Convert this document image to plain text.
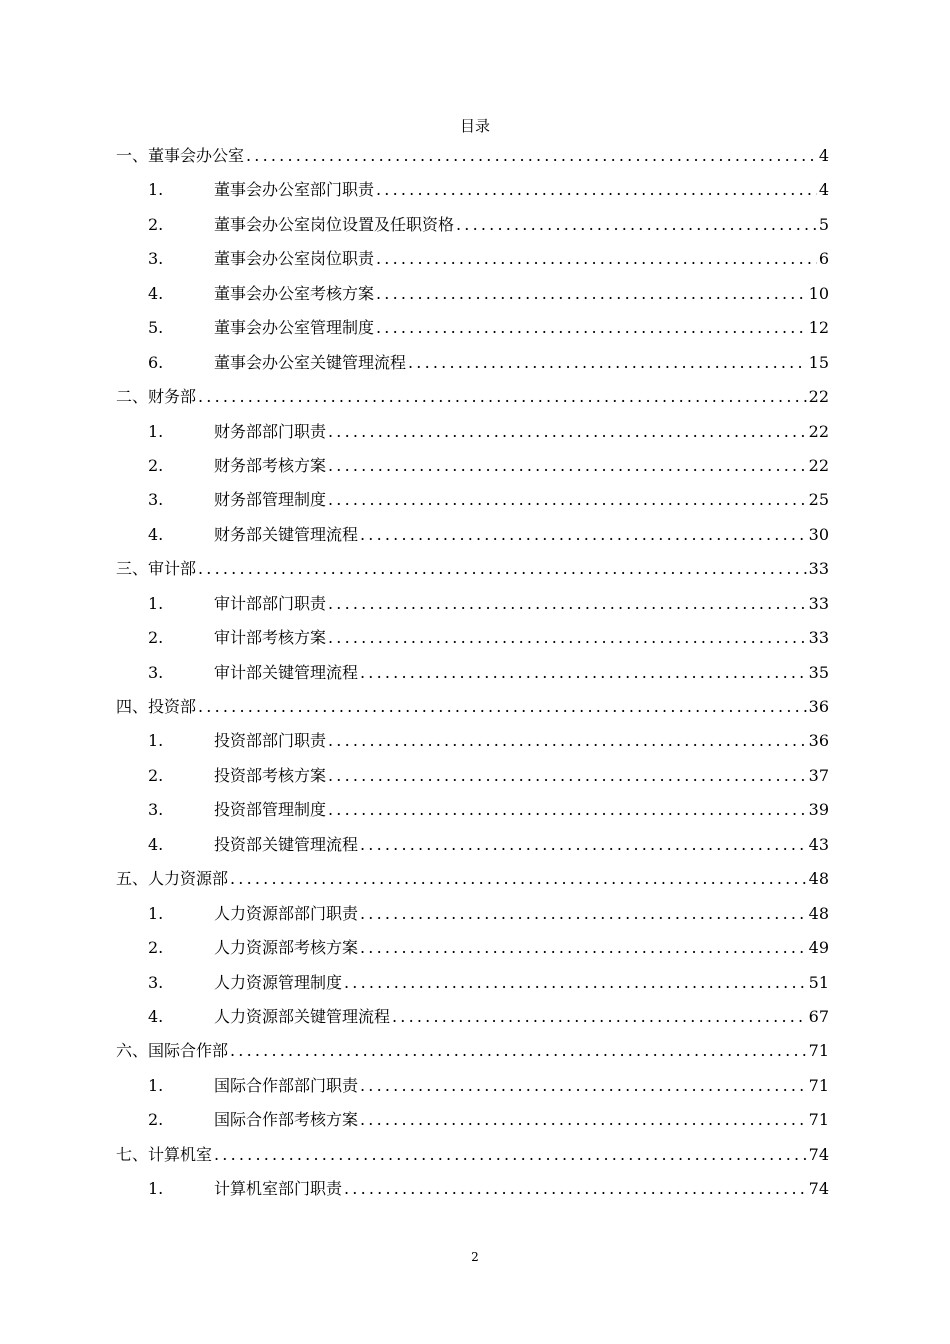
目录
一、董事会办公室 .....	4
1.	董事会办公室部门职责 .....	4
2.	董事会办公室岗位设置及任职资格 .....	5
3.	董事会办公室岗位职责 .....	6
4.	董事会办公室考核方案 .....	10
5.	董事会办公室管理制度 .....	12
6.	董事会办公室关键管理流程 .....	15
二、财务部 .....	22
1.	财务部部门职责 .....	22
2.	财务部考核方案 .....	22
3.	财务部管理制度 .....	25
4.	财务部关键管理流程 .....	30
三、审计部 .....	33
1.	审计部部门职责 .....	33
2.	审计部考核方案 .....	33
3.	审计部关键管理流程 .....	35
四、投资部 .....	36
1.	投资部部门职责 .....	36
2.	投资部考核方案 .....	37
3.	投资部管理制度 .....	39
4.	投资部关键管理流程 .....	43
五、人力资源部 .....	48
1.	人力资源部部门职责 .....	48
2.	人力资源部考核方案 .....	49
3.	人力资源管理制度 .....	51
4.	人力资源部关键管理流程 .....	67
六、国际合作部 .....	71
1.	国际合作部部门职责 .....	71
2.	国际合作部考核方案 .....	71
七、计算机室 .....	74
1.	计算机室部门职责 .....	74
2
